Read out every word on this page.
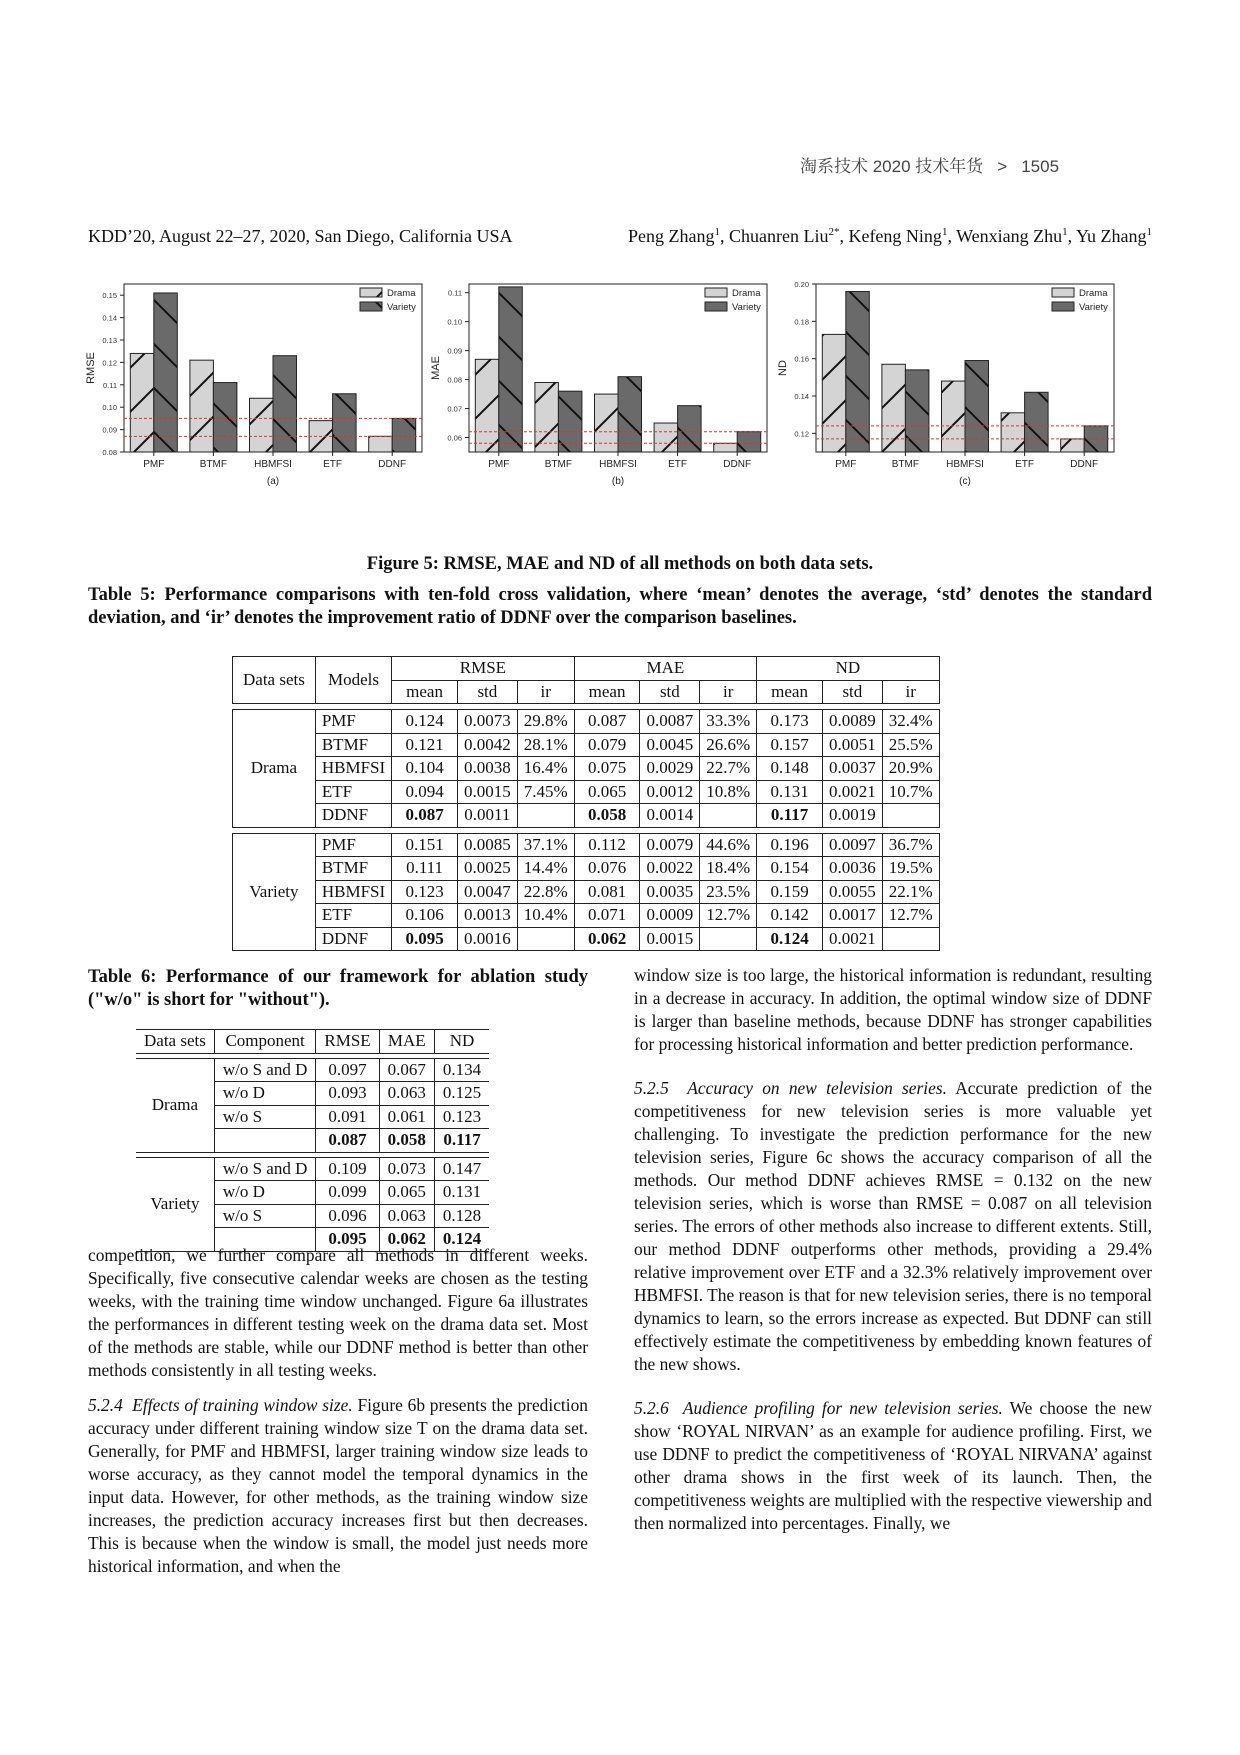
淘系技术 2020 技术年货 > 1505
KDD’20, August 22–27, 2020, San Diego, California USA	Peng Zhang$^1$, Chuanren Liu$^{2*}$, Kefeng Ning$^1$, Wenxiang Zhu$^1$, Yu Zhang$^1$
0.08
0.09
0.10
0.11
0.12
0.13
0.14
0.15
RMSE
PMF	BTMF	HBMFSI	ETF	DDNF
(a)
Drama
Variety
0.06
0.07
0.08
0.09
0.10
0.11
MAE
PMF	BTMF	HBMFSI	ETF	DDNF
(b)
Drama
Variety
0.12
0.14
0.16
0.18
0.20
ND
PMF	BTMF	HBMFSI	ETF	DDNF
(c)
Drama
Variety
Figure 5: RMSE, MAE and ND of all methods on both data sets.
Table 5: Performance comparisons with ten-fold cross validation, where ‘mean’ denotes the average, ‘std’ denotes the standard deviation, and ‘ir’ denotes the improvement ratio of DDNF over the comparison baselines.
Data sets	Models	RMSE			MAE			ND		
		mean	std	ir	mean	std	ir	mean	std	ir

Drama	PMF	0.124	0.0073	29.8%	0.087	0.0087	33.3%	0.173	0.0089	32.4%
	BTMF	0.121	0.0042	28.1%	0.079	0.0045	26.6%	0.157	0.0051	25.5%
	HBMFSI	0.104	0.0038	16.4%	0.075	0.0029	22.7%	0.148	0.0037	20.9%
	ETF	0.094	0.0015	7.45%	0.065	0.0012	10.8%	0.131	0.0021	10.7%
	DDNF	0.087	0.0011		0.058	0.0014		0.117	0.0019	

Variety	PMF	0.151	0.0085	37.1%	0.112	0.0079	44.6%	0.196	0.0097	36.7%
	BTMF	0.111	0.0025	14.4%	0.076	0.0022	18.4%	0.154	0.0036	19.5%
	HBMFSI	0.123	0.0047	22.8%	0.081	0.0035	23.5%	0.159	0.0055	22.1%
	ETF	0.106	0.0013	10.4%	0.071	0.0009	12.7%	0.142	0.0017	12.7%
	DDNF	0.095	0.0016		0.062	0.0015		0.124	0.0021	
Table 6: Performance of our framework for ablation study ("w/o" is short for "without").
Data sets	Component	RMSE	MAE	ND

Drama	w/o S and D	0.097	0.067	0.134
	w/o D	0.093	0.063	0.125
	w/o S	0.091	0.061	0.123
		0.087	0.058	0.117

Variety	w/o S and D	0.109	0.073	0.147
	w/o D	0.099	0.065	0.131
	w/o S	0.096	0.063	0.128
		0.095	0.062	0.124

competition, we further compare all methods in different weeks. Specifically, five consecutive calendar weeks are chosen as the testing weeks, with the training time window unchanged. Figure 6a illustrates the performances in different testing week on the drama data set. Most of the methods are stable, while our DDNF method is better than other methods consistently in all testing weeks.

5.2.4 Effects of training window size. Figure 6b presents the prediction accuracy under different training window size T on the drama data set. Generally, for PMF and HBMFSI, larger training window size leads to worse accuracy, as they cannot model the temporal dynamics in the input data. However, for other methods, as the training window size increases, the prediction accuracy increases first but then decreases. This is because when the window is small, the model just needs more historical information, and when the

window size is too large, the historical information is redundant, resulting in a decrease in accuracy. In addition, the optimal window size of DDNF is larger than baseline methods, because DDNF has stronger capabilities for processing historical information and better prediction performance.

5.2.5 Accuracy on new television series. Accurate prediction of the competitiveness for new television series is more valuable yet challenging. To investigate the prediction performance for the new television series, Figure 6c shows the accuracy comparison of all the methods. Our method DDNF achieves RMSE = 0.132 on the new television series, which is worse than RMSE = 0.087 on all television series. The errors of other methods also increase to different extents. Still, our method DDNF outperforms other methods, providing a 29.4% relative improvement over ETF and a 32.3% relatively improvement over HBMFSI. The reason is that for new television series, there is no temporal dynamics to learn, so the errors increase as expected. But DDNF can still effectively estimate the competitiveness by embedding known features of the new shows.

5.2.6 Audience profiling for new television series. We choose the new show ‘ROYAL NIRVAN’ as an example for audience profiling. First, we use DDNF to predict the competitiveness of ‘ROYAL NIRVANA’ against other drama shows in the first week of its launch. Then, the competitiveness weights are multiplied with the respective viewership and then normalized into percentages. Finally, we
